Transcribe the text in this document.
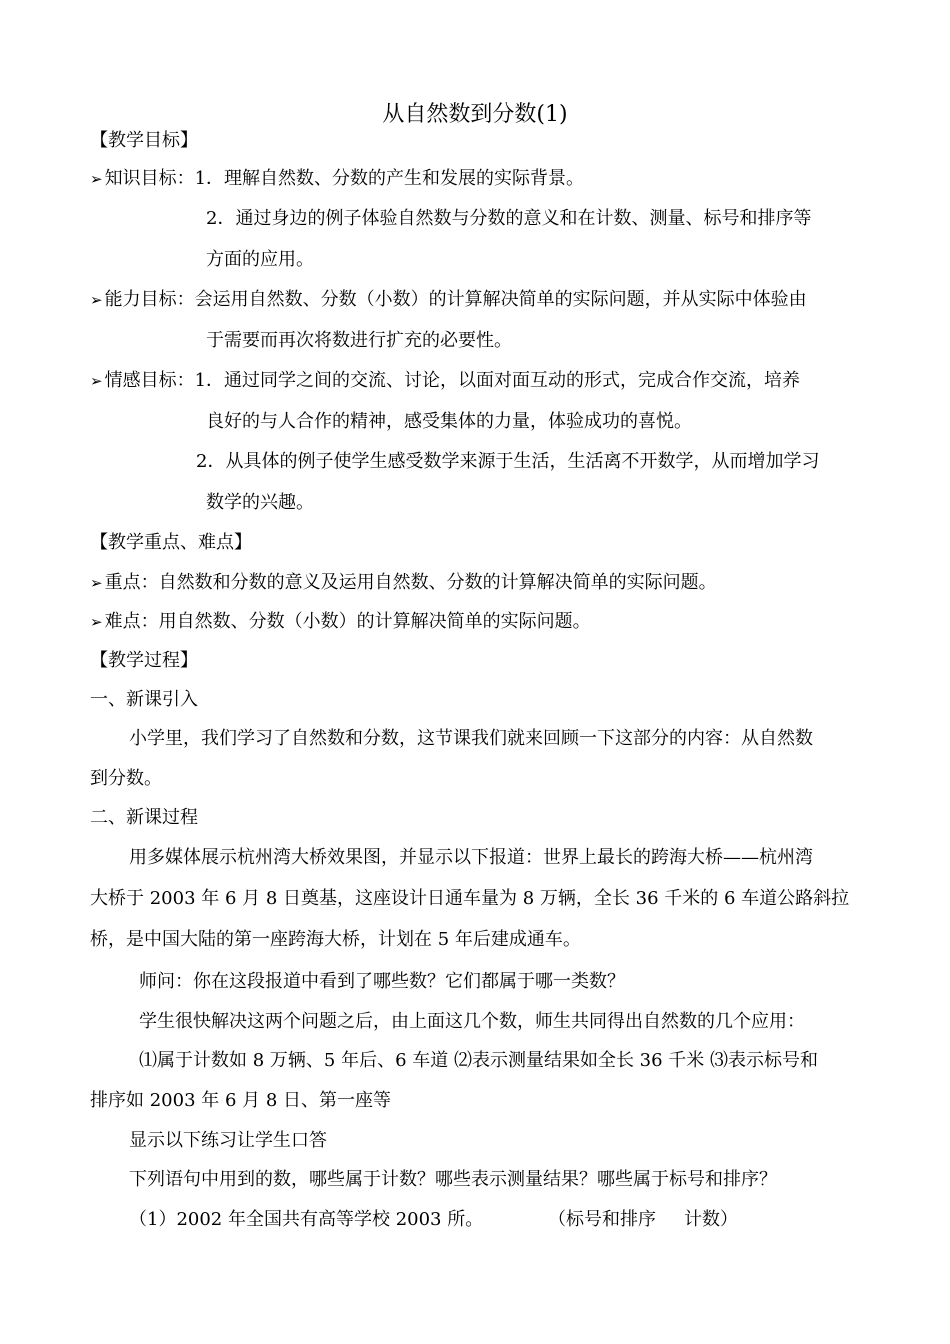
从自然数到分数(1)
【教学目标】
➢ 知识目标：1．理解自然数、分数的产生和发展的实际背景。
2．通过身边的例子体验自然数与分数的意义和在计数、测量、标号和排序等
方面的应用。
➢ 能力目标：会运用自然数、分数（小数）的计算解决简单的实际问题，并从实际中体验由
于需要而再次将数进行扩充的必要性。
➢ 情感目标：1．通过同学之间的交流、讨论，以面对面互动的形式，完成合作交流，培养
良好的与人合作的精神，感受集体的力量，体验成功的喜悦。
2．从具体的例子使学生感受数学来源于生活，生活离不开数学，从而增加学习
数学的兴趣。
【教学重点、难点】
➢ 重点：自然数和分数的意义及运用自然数、分数的计算解决简单的实际问题。
➢ 难点：用自然数、分数（小数）的计算解决简单的实际问题。
【教学过程】
一、新课引入
小学里，我们学习了自然数和分数，这节课我们就来回顾一下这部分的内容：从自然数
到分数。
二、新课过程
用多媒体展示杭州湾大桥效果图，并显示以下报道：世界上最长的跨海大桥——杭州湾
大桥于 2003 年 6 月 8 日奠基，这座设计日通车量为 8 万辆，全长 36 千米的 6 车道公路斜拉
桥，是中国大陆的第一座跨海大桥，计划在 5 年后建成通车。
师问：你在这段报道中看到了哪些数？它们都属于哪一类数？
学生很快解决这两个问题之后，由上面这几个数，师生共同得出自然数的几个应用：
⑴属于计数如 8 万辆、5 年后、6 车道 ⑵表示测量结果如全长 36 千米 ⑶表示标号和
排序如 2003 年 6 月 8 日、第一座等
显示以下练习让学生口答
下列语句中用到的数，哪些属于计数？哪些表示测量结果？哪些属于标号和排序？
（1）2002 年全国共有高等学校 2003 所。	（标号和排序 计数）
